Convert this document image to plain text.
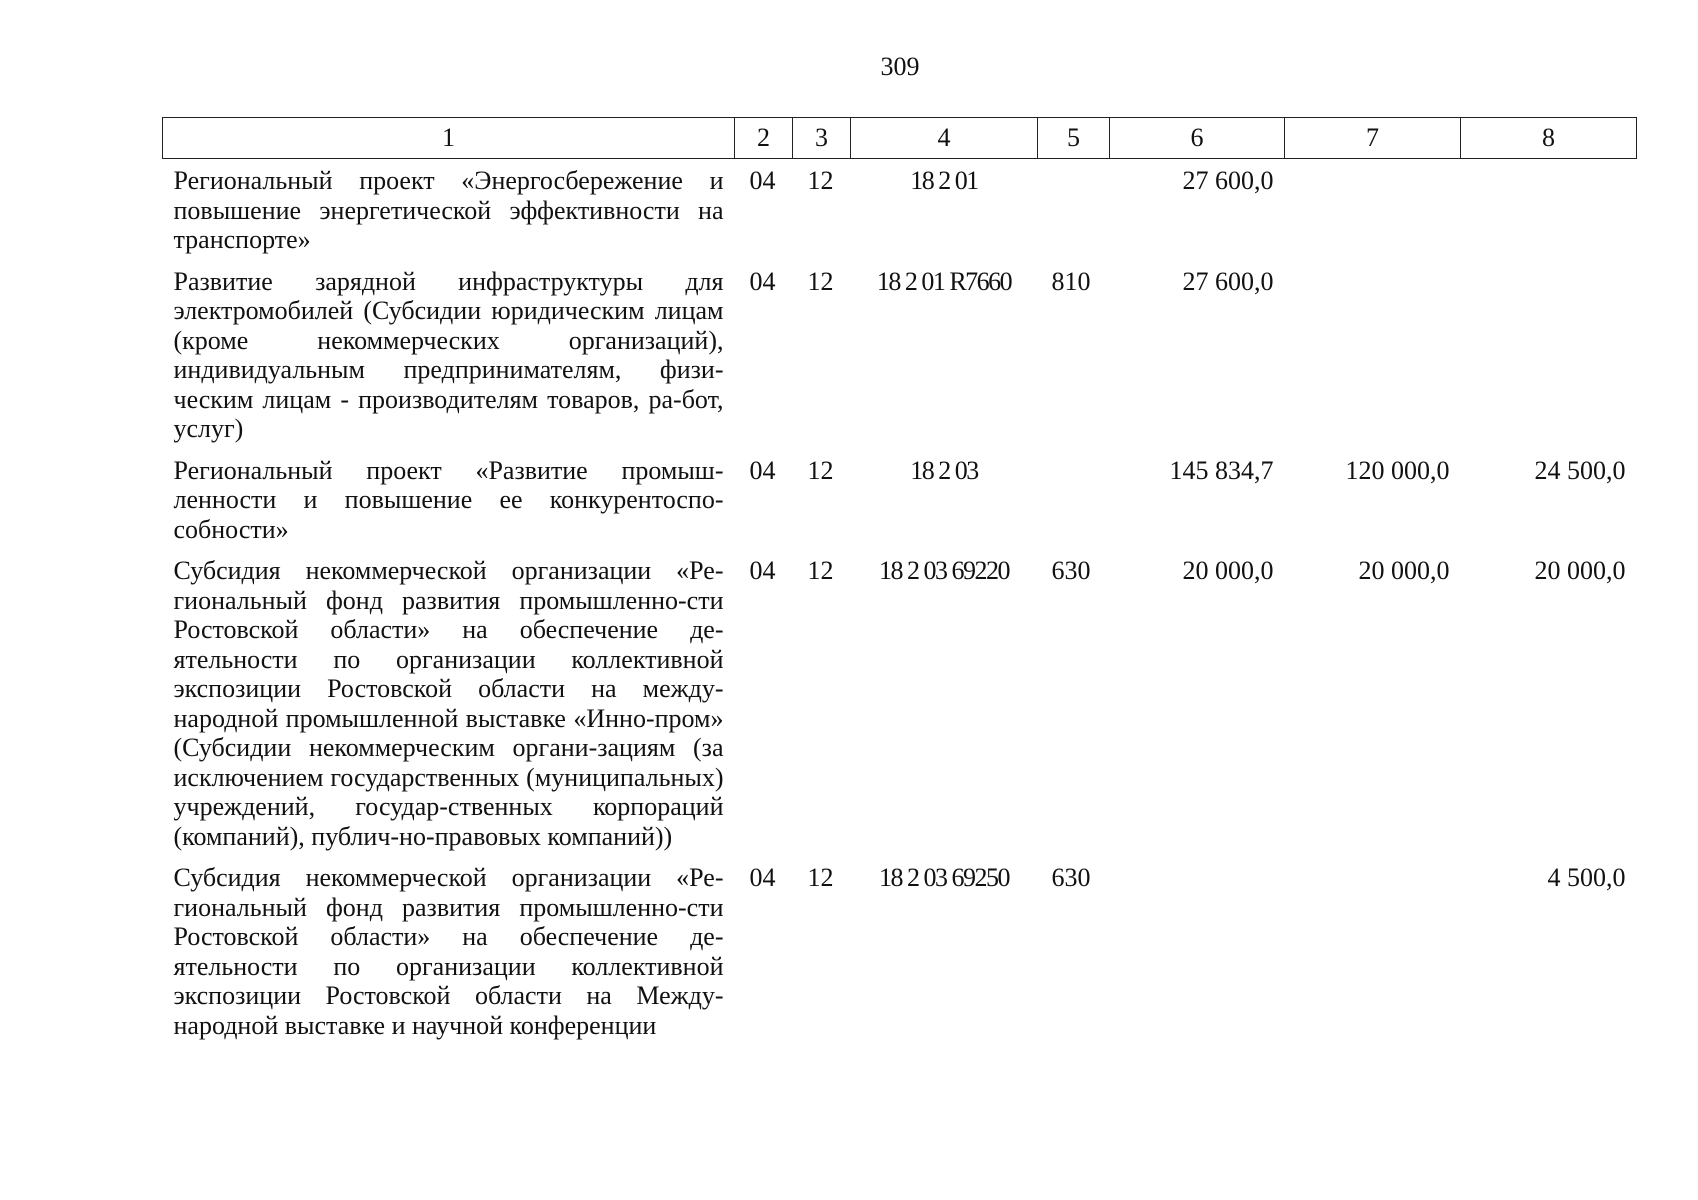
309
1	2	3	4	5	6	7	8
Региональный проект «Энергосбережение и повышение энергетической эффективности на транспорте»	04	12	18 2 01		27 600,0		
Развитие зарядной инфраструктуры для электромобилей (Субсидии юридическим лицам (кроме некоммерческих организаций), индивидуальным предпринимателям, физи-ческим лицам - производителям товаров, ра-бот, услуг)	04	12	18 2 01 R7660	810	27 600,0		
Региональный проект «Развитие промыш-ленности и повышение ее конкурентоспо-собности»	04	12	18 2 03		145 834,7	120 000,0	24 500,0
Субсидия некоммерческой организации «Ре-гиональный фонд развития промышленно-сти Ростовской области» на обеспечение де-ятельности по организации коллективной экспозиции Ростовской области на между-народной промышленной выставке «Инно-пром» (Субсидии некоммерческим органи-зациям (за исключением государственных (муниципальных) учреждений, государ-ственных корпораций (компаний), публич-но-правовых компаний))	04	12	18 2 03 69220	630	20 000,0	20 000,0	20 000,0
Субсидия некоммерческой организации «Ре-гиональный фонд развития промышленно-сти Ростовской области» на обеспечение де-ятельности по организации коллективной экспозиции Ростовской области на Между-народной выставке и научной конференции	04	12	18 2 03 69250	630			4 500,0
